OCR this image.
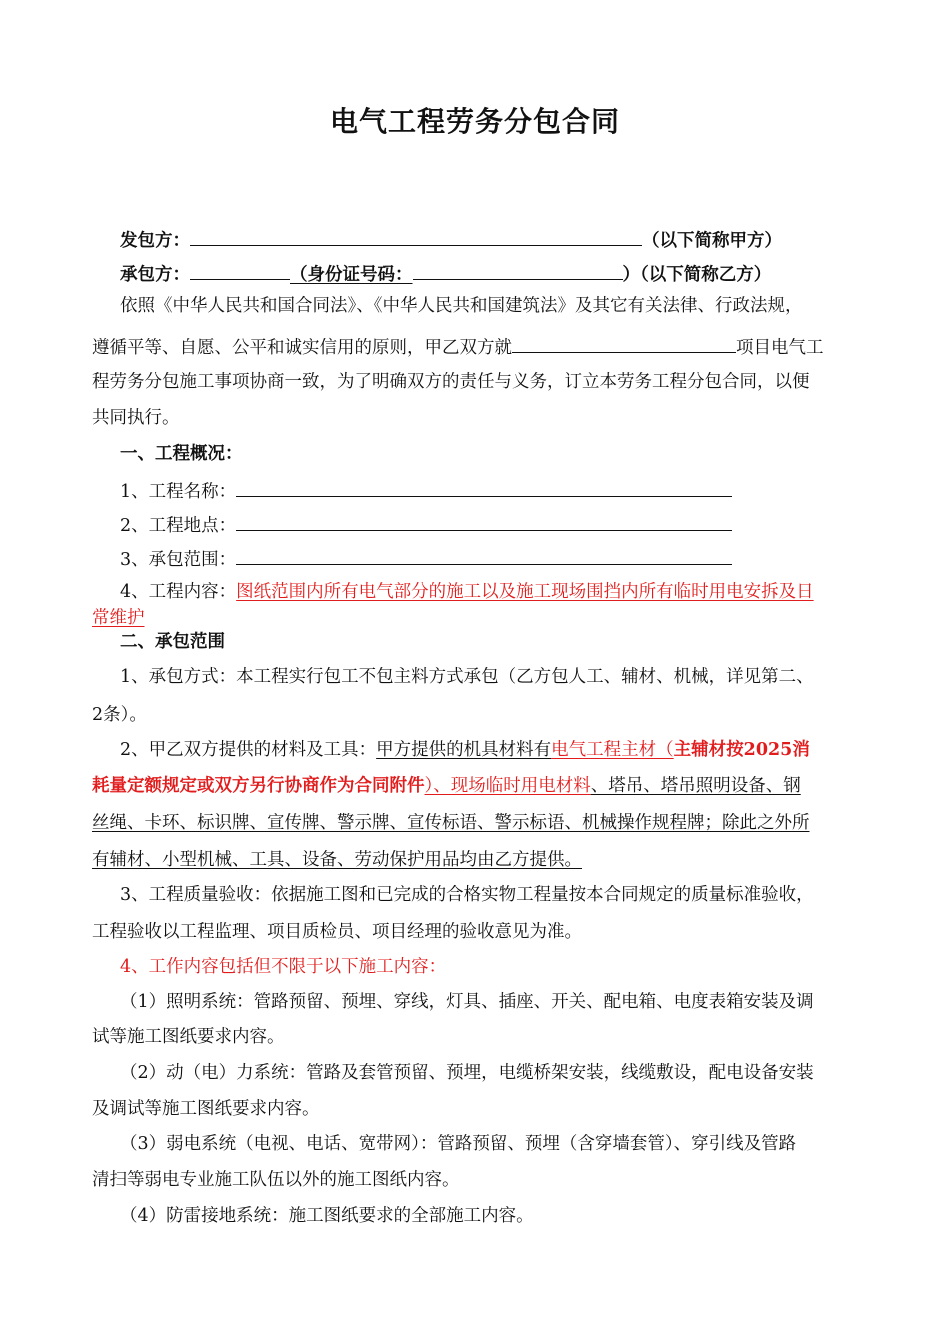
电气工程劳务分包合同
发包方：	（以下简称甲方）
承包方：	（身份证号码：	）（以下简称乙方）
依照《中华人民共和国合同法》、《中华人民共和国建筑法》及其它有关法律、行政法规，
遵循平等、自愿、公平和诚实信用的原则，甲乙双方就	项目电气工
程劳务分包施工事项协商一致，为了明确双方的责任与义务，订立本劳务工程分包合同，以便
共同执行。
一、工程概况：
1、工程名称：
2、工程地点：
3、承包范围：
4、工程内容：图纸范围内所有电气部分的施工以及施工现场围挡内所有临时用电安拆及日
常维护
二、承包范围
1、承包方式：本工程实行包工不包主料方式承包（乙方包人工、辅材、机械，详见第二、
2条）。
2、甲乙双方提供的材料及工具：甲方提供的机具材料有电气工程主材（主辅材按2025消
耗量定额规定或双方另行协商作为合同附件）、现场临时用电材料、塔吊、塔吊照明设备、钢
丝绳、卡环、标识牌、宣传牌、警示牌、宣传标语、警示标语、机械操作规程牌；除此之外所
有辅材、小型机械、工具、设备、劳动保护用品均由乙方提供。
3、工程质量验收：依据施工图和已完成的合格实物工程量按本合同规定的质量标准验收，
工程验收以工程监理、项目质检员、项目经理的验收意见为准。
4、工作内容包括但不限于以下施工内容：
（1）照明系统：管路预留、预埋、穿线，灯具、插座、开关、配电箱、电度表箱安装及调
试等施工图纸要求内容。
（2）动（电）力系统：管路及套管预留、预埋，电缆桥架安装，线缆敷设，配电设备安装
及调试等施工图纸要求内容。
（3）弱电系统（电视、电话、宽带网）：管路预留、预埋（含穿墙套管）、穿引线及管路
清扫等弱电专业施工队伍以外的施工图纸内容。
（4）防雷接地系统：施工图纸要求的全部施工内容。
